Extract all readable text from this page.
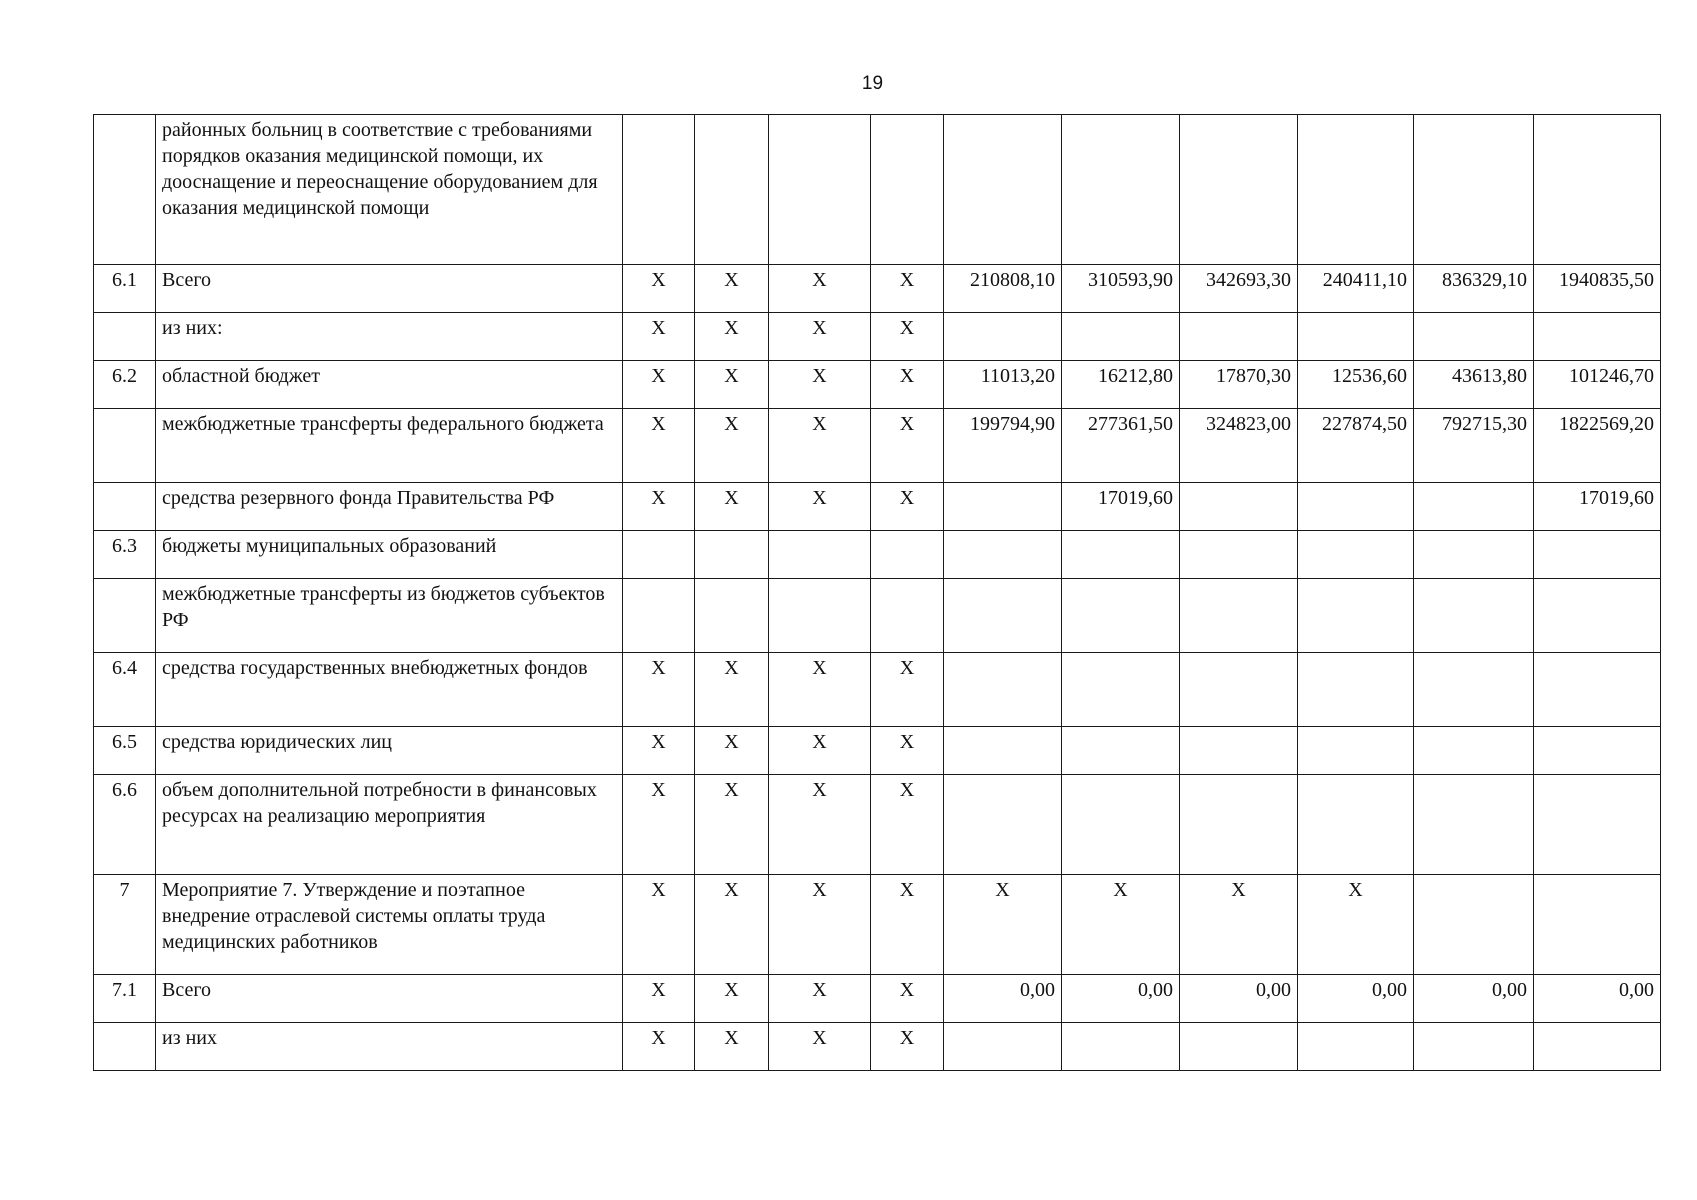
19
	районных больниц в соответствие с требованиями порядков оказания медицинской помощи, их дооснащение и переоснащение оборудованием для оказания медицинской помощи										
6.1	Всего	X	X	X	X	210808,10	310593,90	342693,30	240411,10	836329,10	1940835,50
	из них:	X	X	X	X						
6.2	областной бюджет	X	X	X	X	11013,20	16212,80	17870,30	12536,60	43613,80	101246,70
	межбюджетные трансферты федерального бюджета	X	X	X	X	199794,90	277361,50	324823,00	227874,50	792715,30	1822569,20
	средства резервного фонда Правительства РФ	X	X	X	X		17019,60				17019,60
6.3	бюджеты муниципальных образований										
	межбюджетные трансферты из бюджетов субъектов РФ										
6.4	средства государственных внебюджетных фондов	X	X	X	X						
6.5	средства юридических лиц	X	X	X	X						
6.6	объем дополнительной потребности в финансовых ресурсах на реализацию мероприятия	X	X	X	X						
7	Мероприятие 7. Утверждение и поэтапное внедрение отраслевой системы оплаты труда медицинских работников	X	X	X	X	X	X	X	X		
7.1	Всего	X	X	X	X	0,00	0,00	0,00	0,00	0,00	0,00
	из них	X	X	X	X						
